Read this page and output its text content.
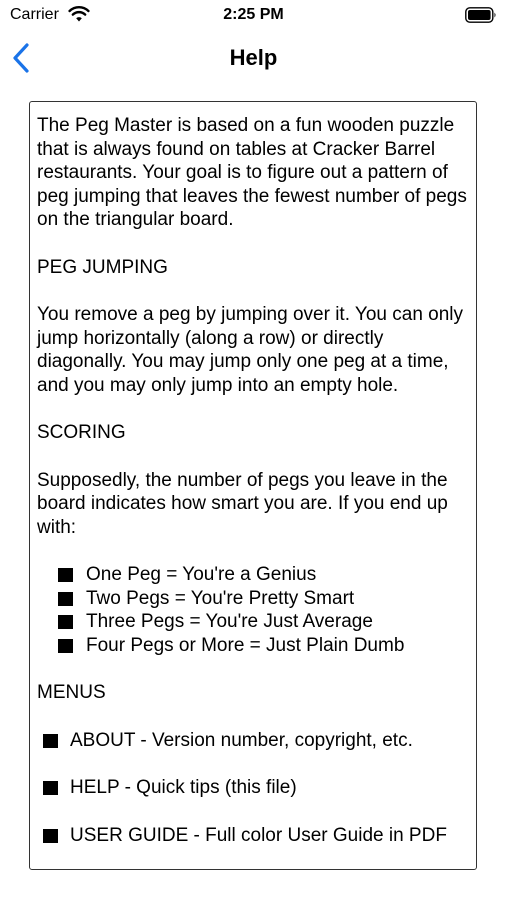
Carrier	2:25 PM
Help

The Peg Master is based on a fun wooden puzzle that is always found on tables at Cracker Barrel restaurants. Your goal is to figure out a pattern of peg jumping that leaves the fewest number of pegs on the triangular board.

PEG JUMPING

You remove a peg by jumping over it. You can only jump horizontally (along a row) or directly diagonally. You may jump only one peg at a time, and you may only jump into an empty hole.

SCORING

Supposedly, the number of pegs you leave in the board indicates how smart you are. If you end up with:

One Peg = You're a Genius
Two Pegs = You're Pretty Smart
Three Pegs = You're Just Average
Four Pegs or More = Just Plain Dumb

MENUS

ABOUT - Version number, copyright, etc.
HELP - Quick tips (this file)
USER GUIDE - Full color User Guide in PDF
